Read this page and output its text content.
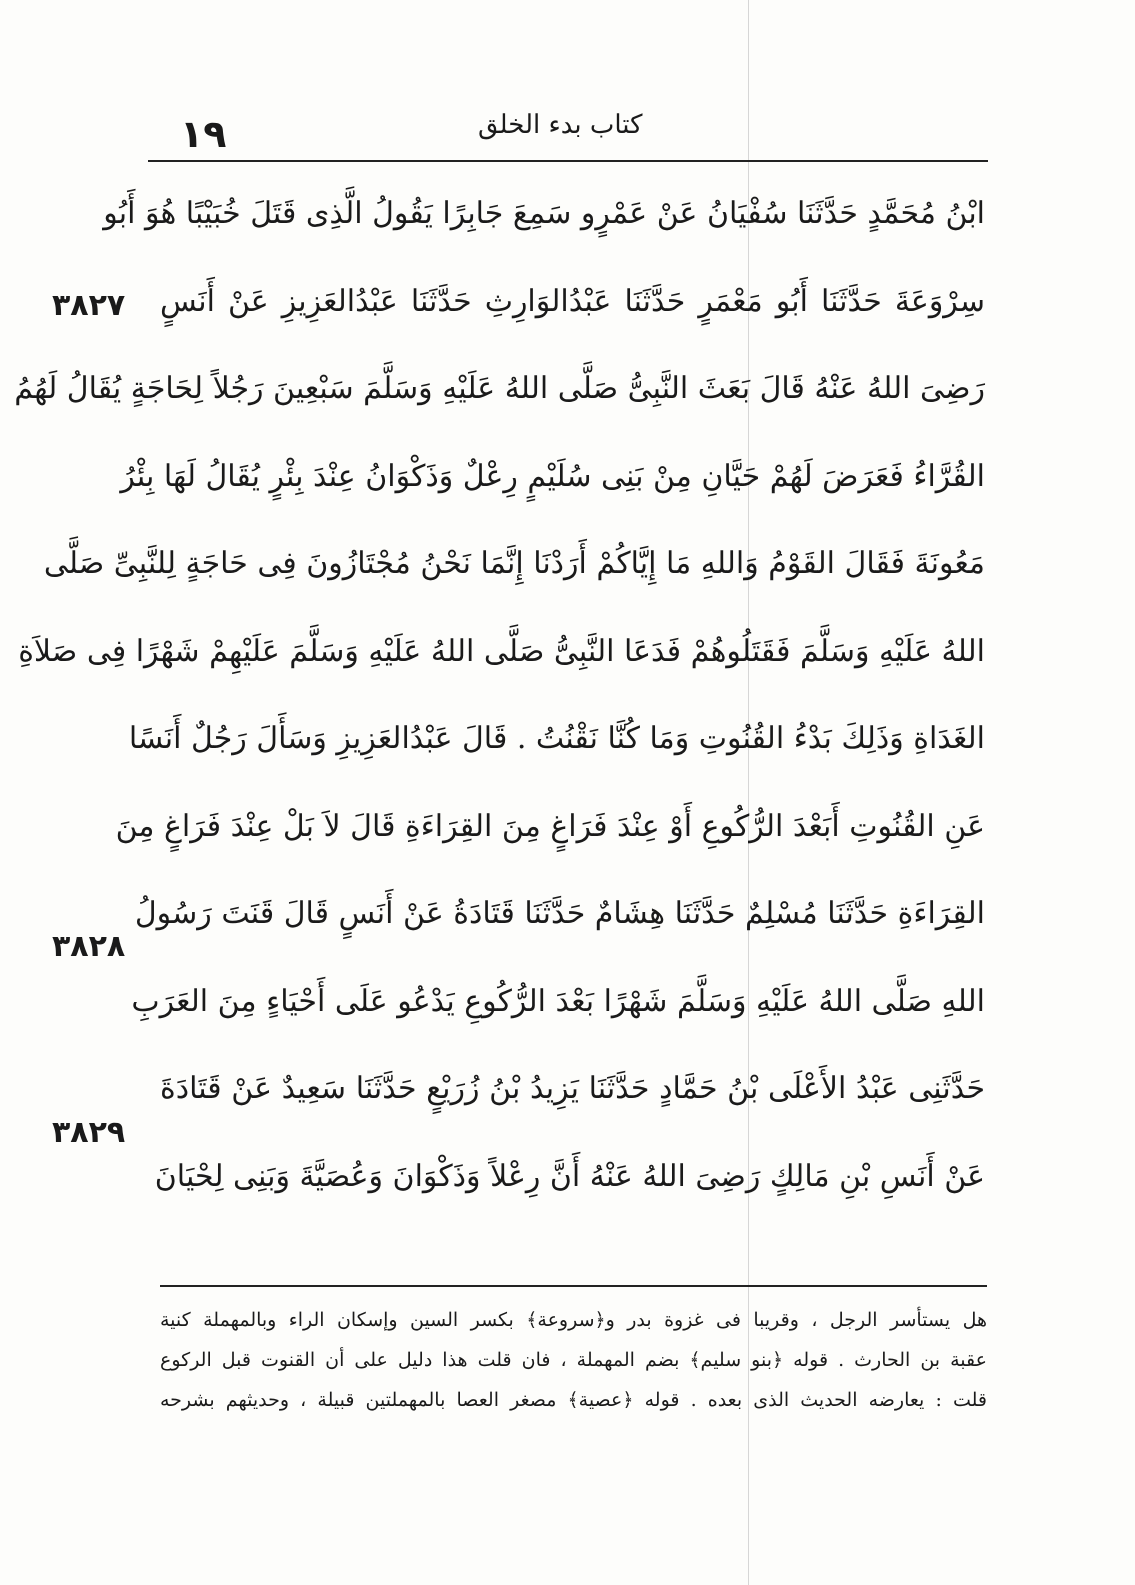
١٩	كتاب بدء الخلق
ابْنُ مُحَمَّدٍ حَدَّثَنَا سُفْيَانُ عَنْ عَمْرٍو سَمِعَ جَابِرًا يَقُولُ الَّذِى قَتَلَ خُبَيْبًا هُوَ أَبُو
سِرْوَعَةَ حَدَّثَنَا أَبُو مَعْمَرٍ حَدَّثَنَا عَبْدُالوَارِثِ حَدَّثَنَا عَبْدُالعَزِيزِ عَنْ أَنَسٍ
رَضِىَ اللهُ عَنْهُ قَالَ بَعَثَ النَّبِىُّ صَلَّى اللهُ عَلَيْهِ وَسَلَّمَ سَبْعِينَ رَجُلاً لِحَاجَةٍ يُقَالُ لَهُمُ
القُرَّاءُ فَعَرَضَ لَهُمْ حَيَّانِ مِنْ بَنِى سُلَيْمٍ رِعْلٌ وَذَكْوَانُ عِنْدَ بِئْرٍ يُقَالُ لَهَا بِئْرُ
مَعُونَةَ فَقَالَ القَوْمُ وَاللهِ مَا إِيَّاكُمْ أَرَدْنَا إِنَّمَا نَحْنُ مُجْتَازُونَ فِى حَاجَةٍ لِلنَّبِىِّ صَلَّى
اللهُ عَلَيْهِ وَسَلَّمَ فَقَتَلُوهُمْ فَدَعَا النَّبِىُّ صَلَّى اللهُ عَلَيْهِ وَسَلَّمَ عَلَيْهِمْ شَهْرًا فِى صَلاَةِ
الغَدَاةِ وَذَلِكَ بَدْءُ القُنُوتِ وَمَا كُنَّا نَقْنُتُ . قَالَ عَبْدُالعَزِيزِ وَسَأَلَ رَجُلٌ أَنَسًا
عَنِ القُنُوتِ أَبَعْدَ الرُّكُوعِ أَوْ عِنْدَ فَرَاغٍ مِنَ القِرَاءَةِ قَالَ لاَ بَلْ عِنْدَ فَرَاغٍ مِنَ
القِرَاءَةِ حَدَّثَنَا مُسْلِمٌ حَدَّثَنَا هِشَامٌ حَدَّثَنَا قَتَادَةُ عَنْ أَنَسٍ قَالَ قَنَتَ رَسُولُ
اللهِ صَلَّى اللهُ عَلَيْهِ وَسَلَّمَ شَهْرًا بَعْدَ الرُّكُوعِ يَدْعُو عَلَى أَحْيَاءٍ مِنَ العَرَبِ
حَدَّثَنِى عَبْدُ الأَعْلَى بْنُ حَمَّادٍ حَدَّثَنَا يَزِيدُ بْنُ زُرَيْعٍ حَدَّثَنَا سَعِيدٌ عَنْ قَتَادَةَ
عَنْ أَنَسِ بْنِ مَالِكٍ رَضِىَ اللهُ عَنْهُ أَنَّ رِعْلاً وَذَكْوَانَ وَعُصَيَّةَ وَبَنِى لِحْيَانَ
٣٨٢٧
٣٨٢٨
٣٨٢٩
هل يستأسر الرجل ، وقريبا فى غزوة بدر و﴿سروعة﴾ بكسر السين وإسكان الراء وبالمهملة كنية
عقبة بن الحارث . قوله ﴿بنو سليم﴾ بضم المهملة ، فان قلت هذا دليل على أن القنوت قبل الركوع
قلت : يعارضه الحديث الذى بعده . قوله ﴿عصية﴾ مصغر العصا بالمهملتين قبيلة ، وحديثهم بشرحه
